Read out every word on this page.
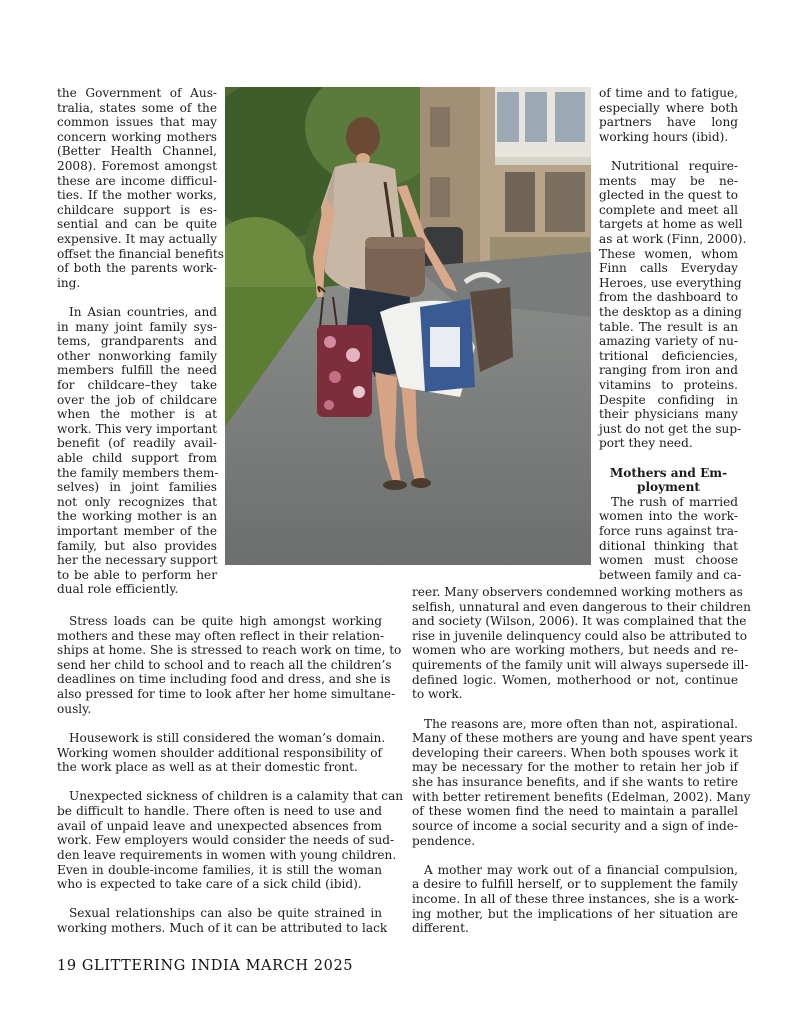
the Government of Aus-
tralia, states some of the
common issues that may
concern working mothers
(Better Health Channel,
2008). Foremost amongst
these are income difficul-
ties. If the mother works,
childcare support is es-
sential and can be quite
expensive. It may actually
offset the financial benefits
of both the parents work-
ing.
In Asian countries, and
in many joint family sys-
tems, grandparents and
other nonworking family
members fulfill the need
for childcare–they take
over the job of childcare
when the mother is at
work. This very important
benefit (of readily avail-
able child support from
the family members them-
selves) in joint families
not only recognizes that
the working mother is an
important member of the
family, but also provides
her the necessary support
to be able to perform her
dual role efficiently.
Stress loads can be quite high amongst working
mothers and these may often reflect in their relation-
ships at home. She is stressed to reach work on time, to
send her child to school and to reach all the children’s
deadlines on time including food and dress, and she is
also pressed for time to look after her home simultane-
ously.
Housework is still considered the woman’s domain.
Working women shoulder additional responsibility of
the work place as well as at their domestic front.
Unexpected sickness of children is a calamity that can
be difficult to handle. There often is need to use and
avail of unpaid leave and unexpected absences from
work. Few employers would consider the needs of sud-
den leave requirements in women with young children.
Even in double-income families, it is still the woman
who is expected to take care of a sick child (ibid).
Sexual relationships can also be quite strained in
working mothers. Much of it can be attributed to lack
of time and to fatigue,
especially where both
partners have long
working hours (ibid).
Nutritional require-
ments may be ne-
glected in the quest to
complete and meet all
targets at home as well
as at work (Finn, 2000).
These women, whom
Finn calls Everyday
Heroes, use everything
from the dashboard to
the desktop as a dining
table. The result is an
amazing variety of nu-
tritional deficiencies,
ranging from iron and
vitamins to proteins.
Despite confiding in
their physicians many
just do not get the sup-
port they need.
Mothers and Em-
ployment
The rush of married
women into the work-
force runs against tra-
ditional thinking that
women must choose
between family and ca-
reer. Many observers condemned working mothers as
selfish, unnatural and even dangerous to their children
and society (Wilson, 2006). It was complained that the
rise in juvenile delinquency could also be attributed to
women who are working mothers, but needs and re-
quirements of the family unit will always supersede ill-
defined logic. Women, motherhood or not, continue
to work.
The reasons are, more often than not, aspirational.
Many of these mothers are young and have spent years
developing their careers. When both spouses work it
may be necessary for the mother to retain her job if
she has insurance benefits, and if she wants to retire
with better retirement benefits (Edelman, 2002). Many
of these women find the need to maintain a parallel
source of income a social security and a sign of inde-
pendence.
A mother may work out of a financial compulsion,
a desire to fulfill herself, or to supplement the family
income. In all of these three instances, she is a work-
ing mother, but the implications of her situation are
different.
19 GLITTERING INDIA MARCH 2025
